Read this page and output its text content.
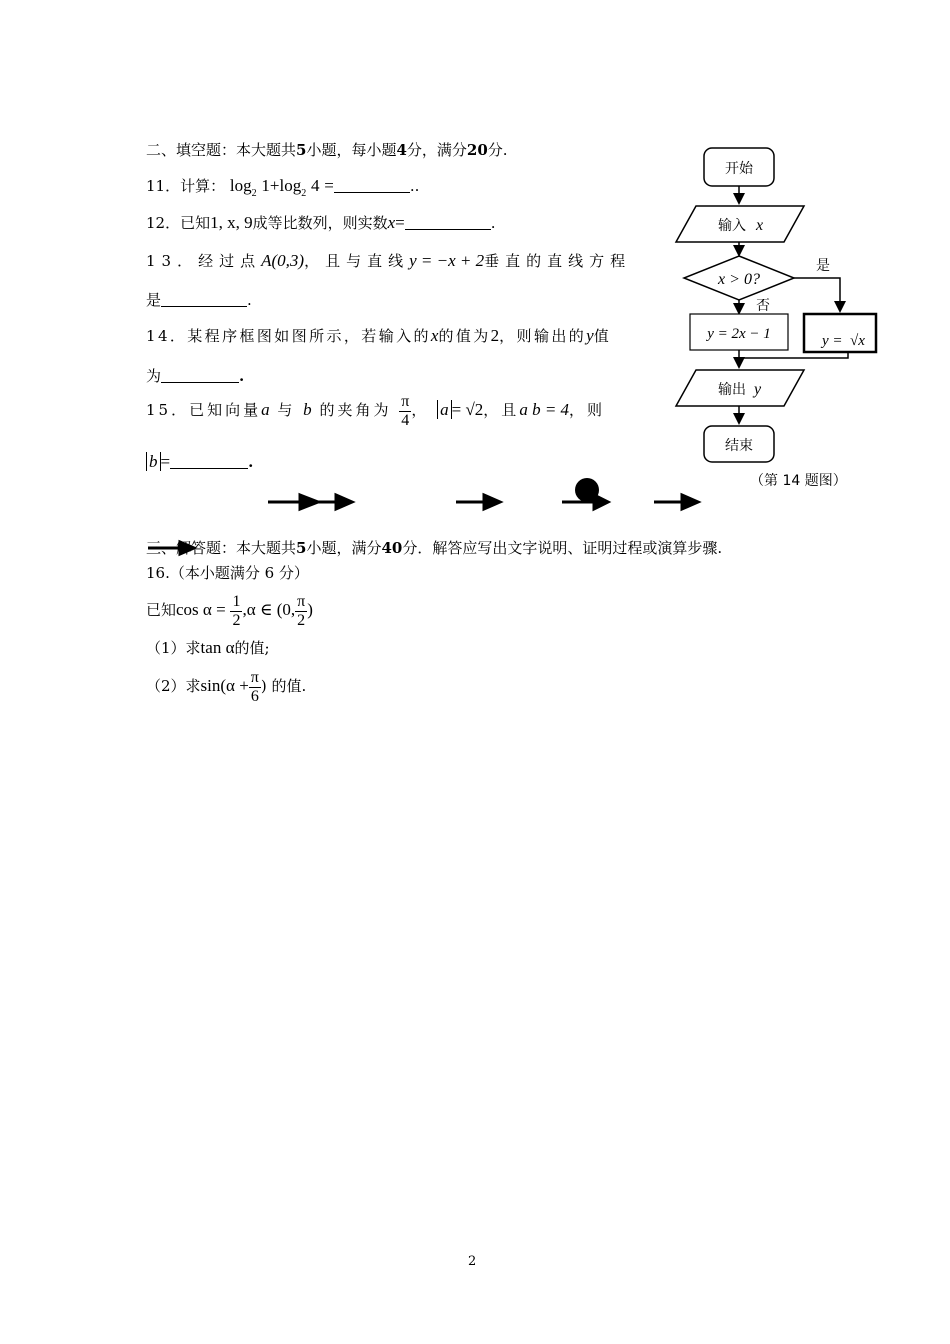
二、填空题：本大题共5小题，每小题4分，满分20分.
11．计算： $\log_2 1+\log_2$ 4 =	..
12．已知1, x, 9成等比数列，则实数x=	.
13．经过点A(0,3)，且与直线y = −x + 2垂直的直线方程
是	.
14．某程序框图如图所示，若输入的x的值为2，则输出的y值
为	.
15．已知向量a 与 b 的夹角为 $\frac{\pi}{4}$ ， a = √2，且a b = 4，则
b =	.
三、解答题：本大题共5小题，满分40分．解答应写出文字说明、证明过程或演算步骤.
16.（本小题满分 6 分）
已知$\cos \alpha = \frac{1}{2} ,\alpha$ ∈ (0, $\frac{\pi}{2}$ )
（1）求tan α的值;
（2）求$\sin(\alpha + \frac{\pi}{6}$ ) 的值.
开始
输入 x
x > 0?
是
否
y = 2x − 1	y = √x
输出 y
结束
（第 14 题图）
2
